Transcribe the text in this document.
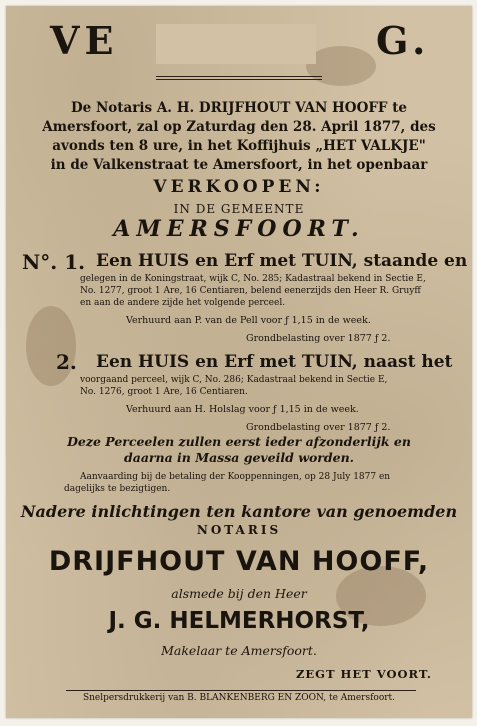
VE	G.
De Notaris A. H. DRIJFHOUT VAN HOOFF te
Amersfoort, zal op Zaturdag den 28. April 1877, des
avonds ten 8 ure, in het Koffijhuis „HET VALKJE"
in de Valkenstraat te Amersfoort, in het openbaar
VERKOOPEN:
IN DE GEMEENTE
AMERSFOORT.
N°. 1. Een HUIS en Erf met TUIN, staande en
gelegen in de Koningstraat, wijk C, No. 285; Kadastraal bekend in Sectie E,
No. 1277, groot 1 Are, 16 Centiaren, belend eenerzijds den Heer R. Gruyff
en aan de andere zijde het volgende perceel.
Verhuurd aan P. van de Pell voor ƒ 1,15 in de week.
Grondbelasting over 1877 ƒ 2.
2. Een HUIS en Erf met TUIN, naast het
voorgaand perceel, wijk C, No. 286; Kadastraal bekend in Sectie E,
No. 1276, groot 1 Are, 16 Centiaren.
Verhuurd aan H. Holslag voor ƒ 1,15 in de week.
Grondbelasting over 1877 ƒ 2.
Deze Perceelen zullen eerst ieder afzonderlijk en
daarna in Massa geveild worden.
Aanvaarding bij de betaling der Kooppenningen, op 28 July 1877 en
dagelijks te bezigtigen.
Nadere inlichtingen ten kantore van genoemden
NOTARIS
DRIJFHOUT VAN HOOFF,
alsmede bij den Heer
J. G. HELMERHORST,
Makelaar te Amersfoort.
ZEGT HET VOORT.
Snelpersdrukkerij van B. BLANKENBERG EN ZOON, te Amersfoort.
